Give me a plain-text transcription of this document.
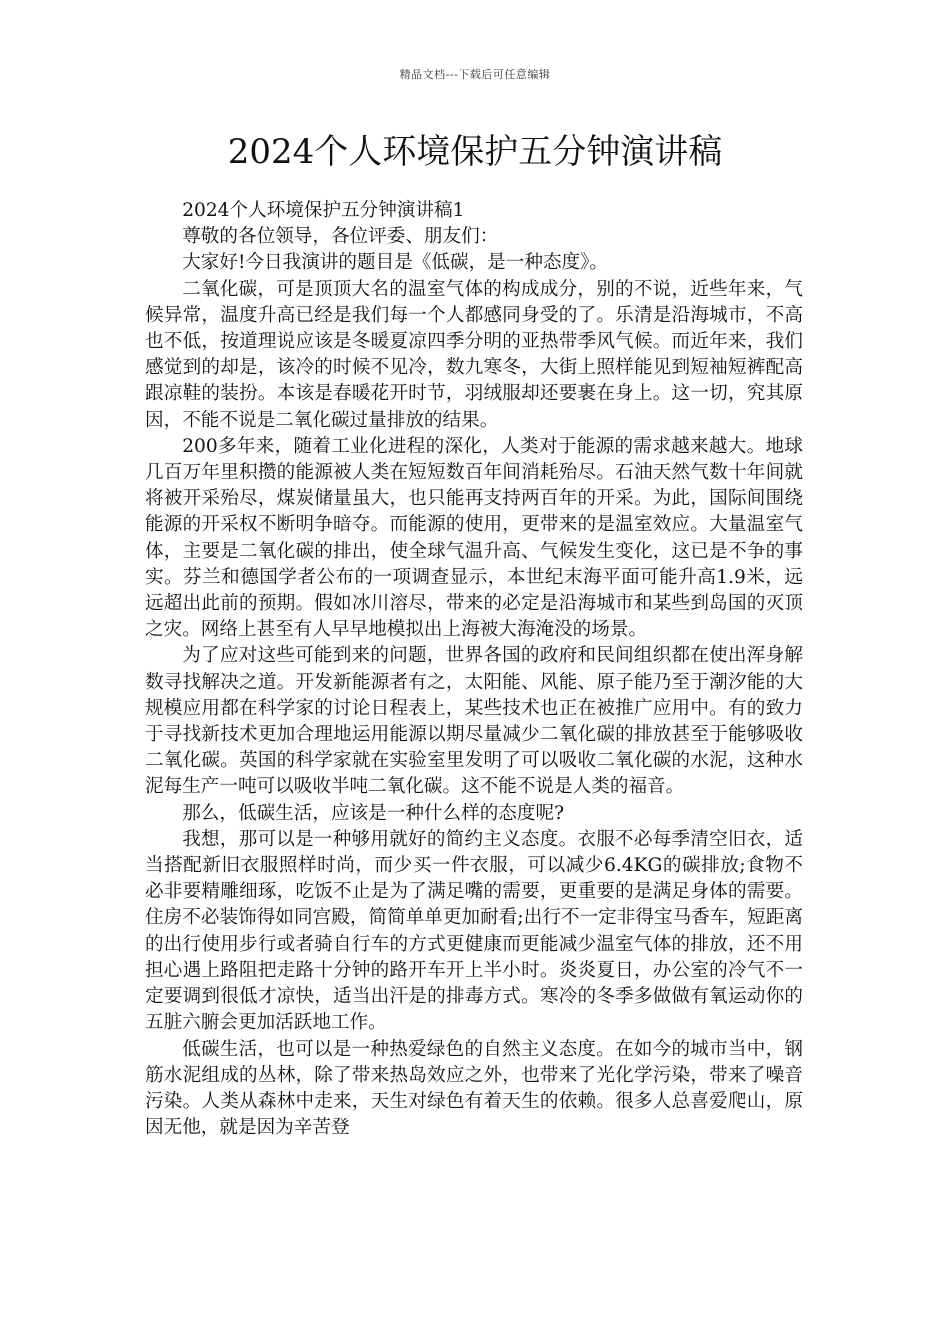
精品文档---下载后可任意编辑
2024个人环境保护五分钟演讲稿

2024个人环境保护五分钟演讲稿1

尊敬的各位领导，各位评委、朋友们：

大家好!今日我演讲的题目是《低碳，是一种态度》。

二氧化碳，可是顶顶大名的温室气体的构成成分，别的不说，近些年来，气候异常，温度升高已经是我们每一个人都感同身受的了。乐清是沿海城市，不高也不低，按道理说应该是冬暖夏凉四季分明的亚热带季风气候。而近年来，我们感觉到的却是，该冷的时候不见冷，数九寒冬，大街上照样能见到短袖短裤配高跟凉鞋的装扮。本该是春暖花开时节，羽绒服却还要裹在身上。这一切，究其原因，不能不说是二氧化碳过量排放的结果。

200多年来，随着工业化进程的深化，人类对于能源的需求越来越大。地球几百万年里积攒的能源被人类在短短数百年间消耗殆尽。石油天然气数十年间就将被开采殆尽，煤炭储量虽大，也只能再支持两百年的开采。为此，国际间围绕能源的开采权不断明争暗夺。而能源的使用，更带来的是温室效应。大量温室气体，主要是二氧化碳的排出，使全球气温升高、气候发生变化，这已是不争的事实。芬兰和德国学者公布的一项调查显示，本世纪末海平面可能升高1.9米，远远超出此前的预期。假如冰川溶尽，带来的必定是沿海城市和某些到岛国的灭顶之灾。网络上甚至有人早早地模拟出上海被大海淹没的场景。

为了应对这些可能到来的问题，世界各国的政府和民间组织都在使出浑身解数寻找解决之道。开发新能源者有之，太阳能、风能、原子能乃至于潮汐能的大规模应用都在科学家的讨论日程表上，某些技术也正在被推广应用中。有的致力于寻找新技术更加合理地运用能源以期尽量减少二氧化碳的排放甚至于能够吸收二氧化碳。英国的科学家就在实验室里发明了可以吸收二氧化碳的水泥，这种水泥每生产一吨可以吸收半吨二氧化碳。这不能不说是人类的福音。

那么，低碳生活，应该是一种什么样的态度呢?

我想，那可以是一种够用就好的简约主义态度。衣服不必每季清空旧衣，适当搭配新旧衣服照样时尚，而少买一件衣服，可以减少6.4KG的碳排放;食物不必非要精雕细琢，吃饭不止是为了满足嘴的需要，更重要的是满足身体的需要。住房不必装饰得如同宫殿，简简单单更加耐看;出行不一定非得宝马香车，短距离的出行使用步行或者骑自行车的方式更健康而更能减少温室气体的排放，还不用担心遇上路阻把走路十分钟的路开车开上半小时。炎炎夏日，办公室的冷气不一定要调到很低才凉快，适当出汗是的排毒方式。寒冷的冬季多做做有氧运动你的五脏六腑会更加活跃地工作。

低碳生活，也可以是一种热爱绿色的自然主义态度。在如今的城市当中，钢筋水泥组成的丛林，除了带来热岛效应之外，也带来了光化学污染，带来了噪音污染。人类从森林中走来，天生对绿色有着天生的依赖。很多人总喜爱爬山，原因无他，就是因为辛苦登
